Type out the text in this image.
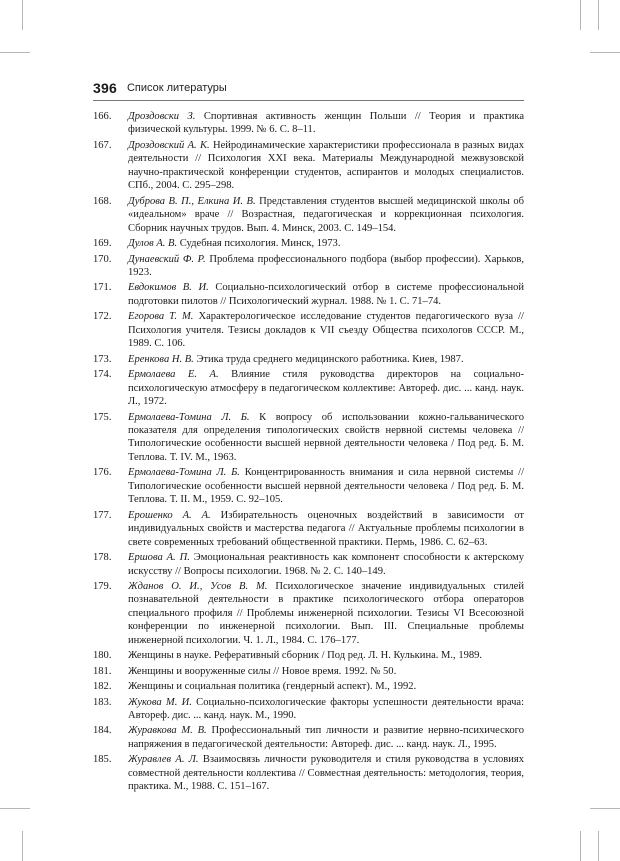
396 Список литературы
166.	Дроздовски З. Спортивная активность женщин Польши // Теория и практика физической культуры. 1999. № 6. С. 8–11.
167.	Дроздовский А. К. Нейродинамические характеристики профессионала в разных видах деятельности // Психология XXI века. Материалы Международной межвузовской научно-практической конференции студентов, аспирантов и молодых специалистов. СПб., 2004. С. 295–298.
168.	Дуброва В. П., Елкина И. В. Представления студентов высшей медицинской школы об «идеальном» враче // Возрастная, педагогическая и коррекционная психология. Сборник научных трудов. Вып. 4. Минск, 2003. С. 149–154.
169.	Дулов А. В. Судебная психология. Минск, 1973.
170.	Дунаевский Ф. Р. Проблема профессионального подбора (выбор профессии). Харьков, 1923.
171.	Евдокимов В. И. Социально-психологический отбор в системе профессиональной подготовки пилотов // Психологический журнал. 1988. № 1. С. 71–74.
172.	Егорова Т. М. Характерологическое исследование студентов педагогического вуза // Психология учителя. Тезисы докладов к VII съезду Общества психологов СССР. М., 1989. С. 106.
173.	Еренкова Н. В. Этика труда среднего медицинского работника. Киев, 1987.
174.	Ермолаева Е. А. Влияние стиля руководства директоров на социально-психологическую атмосферу в педагогическом коллективе: Автореф. дис. ... канд. наук. Л., 1972.
175.	Ермолаева-Томина Л. Б. К вопросу об использовании кожно-гальванического показателя для определения типологических свойств нервной системы человека // Типологические особенности высшей нервной деятельности человека / Под ред. Б. М. Теплова. Т. IV. М., 1963.
176.	Ермолаева-Томина Л. Б. Концентрированность внимания и сила нервной системы // Типологические особенности высшей нервной деятельности человека / Под ред. Б. М. Теплова. Т. II. М., 1959. С. 92–105.
177.	Ерошенко А. А. Избирательность оценочных воздействий в зависимости от индивидуальных свойств и мастерства педагога // Актуальные проблемы психологии в свете современных требований общественной практики. Пермь, 1986. С. 62–63.
178.	Ершова А. П. Эмоциональная реактивность как компонент способности к актерскому искусству // Вопросы психологии. 1968. № 2. С. 140–149.
179.	Жданов О. И., Усов В. М. Психологическое значение индивидуальных стилей познавательной деятельности в практике психологического отбора операторов специального профиля // Проблемы инженерной психологии. Тезисы VI Всесоюзной конференции по инженерной психологии. Вып. III. Специальные проблемы инженерной психологии. Ч. 1. Л., 1984. С. 176–177.
180.	Женщины в науке. Реферативный сборник / Под ред. Л. Н. Кулькина. М., 1989.
181.	Женщины и вооруженные силы // Новое время. 1992. № 50.
182.	Женщины и социальная политика (гендерный аспект). М., 1992.
183.	Жукова М. И. Социально-психологические факторы успешности деятельности врача: Автореф. дис. ... канд. наук. М., 1990.
184.	Журавкова М. В. Профессиональный тип личности и развитие нервно-психического напряжения в педагогической деятельности: Автореф. дис. ... канд. наук. Л., 1995.
185.	Журавлев А. Л. Взаимосвязь личности руководителя и стиля руководства в условиях совместной деятельности коллектива // Совместная деятельность: методология, теория, практика. М., 1988. С. 151–167.
